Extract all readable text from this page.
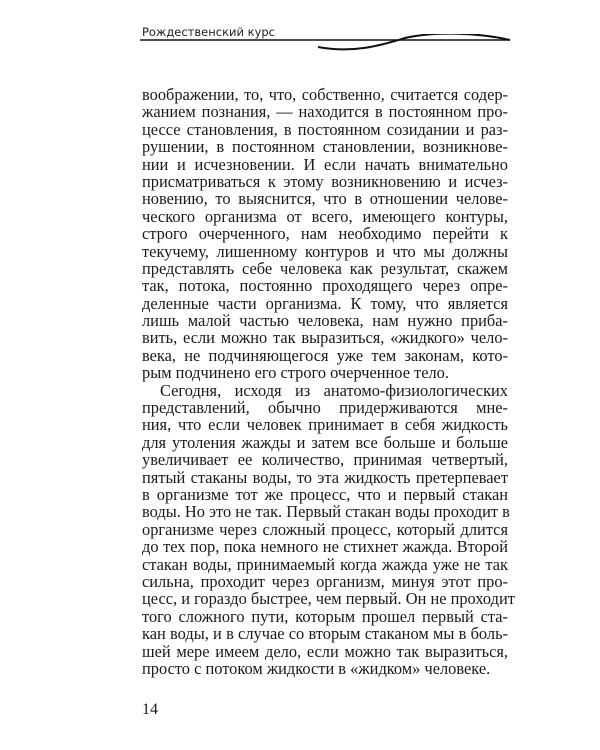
Рождественский курс
воображении, то, что, собственно, считается содер-
жанием познания, — находится в постоянном про-
цессе становления, в постоянном созидании и раз-
рушении, в постоянном становлении, возникнове-
нии и исчезновении. И если начать внимательно
присматриваться к этому возникновению и исчез-
новению, то выяснится, что в отношении челове-
ческого организма от всего, имеющего контуры,
строго очерченного, нам необходимо перейти к
текучему, лишенному контуров и что мы должны
представлять себе человека как результат, скажем
так, потока, постоянно проходящего через опре-
деленные части организма. К тому, что является
лишь малой частью человека, нам нужно приба-
вить, если можно так выразиться, «жидкого» чело-
века, не подчиняющегося уже тем законам, кото-
рым подчинено его строго очерченное тело.
Сегодня, исходя из анатомо-физиологических
представлений, обычно придерживаются мне-
ния, что если человек принимает в себя жидкость
для утоления жажды и затем все больше и больше
увеличивает ее количество, принимая четвертый,
пятый стаканы воды, то эта жидкость претерпевает
в организме тот же процесс, что и первый стакан
воды. Но это не так. Первый стакан воды проходит в
организме через сложный процесс, который длится
до тех пор, пока немного не стихнет жажда. Второй
стакан воды, принимаемый когда жажда уже не так
сильна, проходит через организм, минуя этот про-
цесс, и гораздо быстрее, чем первый. Он не проходит
того сложного пути, которым прошел первый ста-
кан воды, и в случае со вторым стаканом мы в боль-
шей мере имеем дело, если можно так выразиться,
просто с потоком жидкости в «жидком» человеке.
14
